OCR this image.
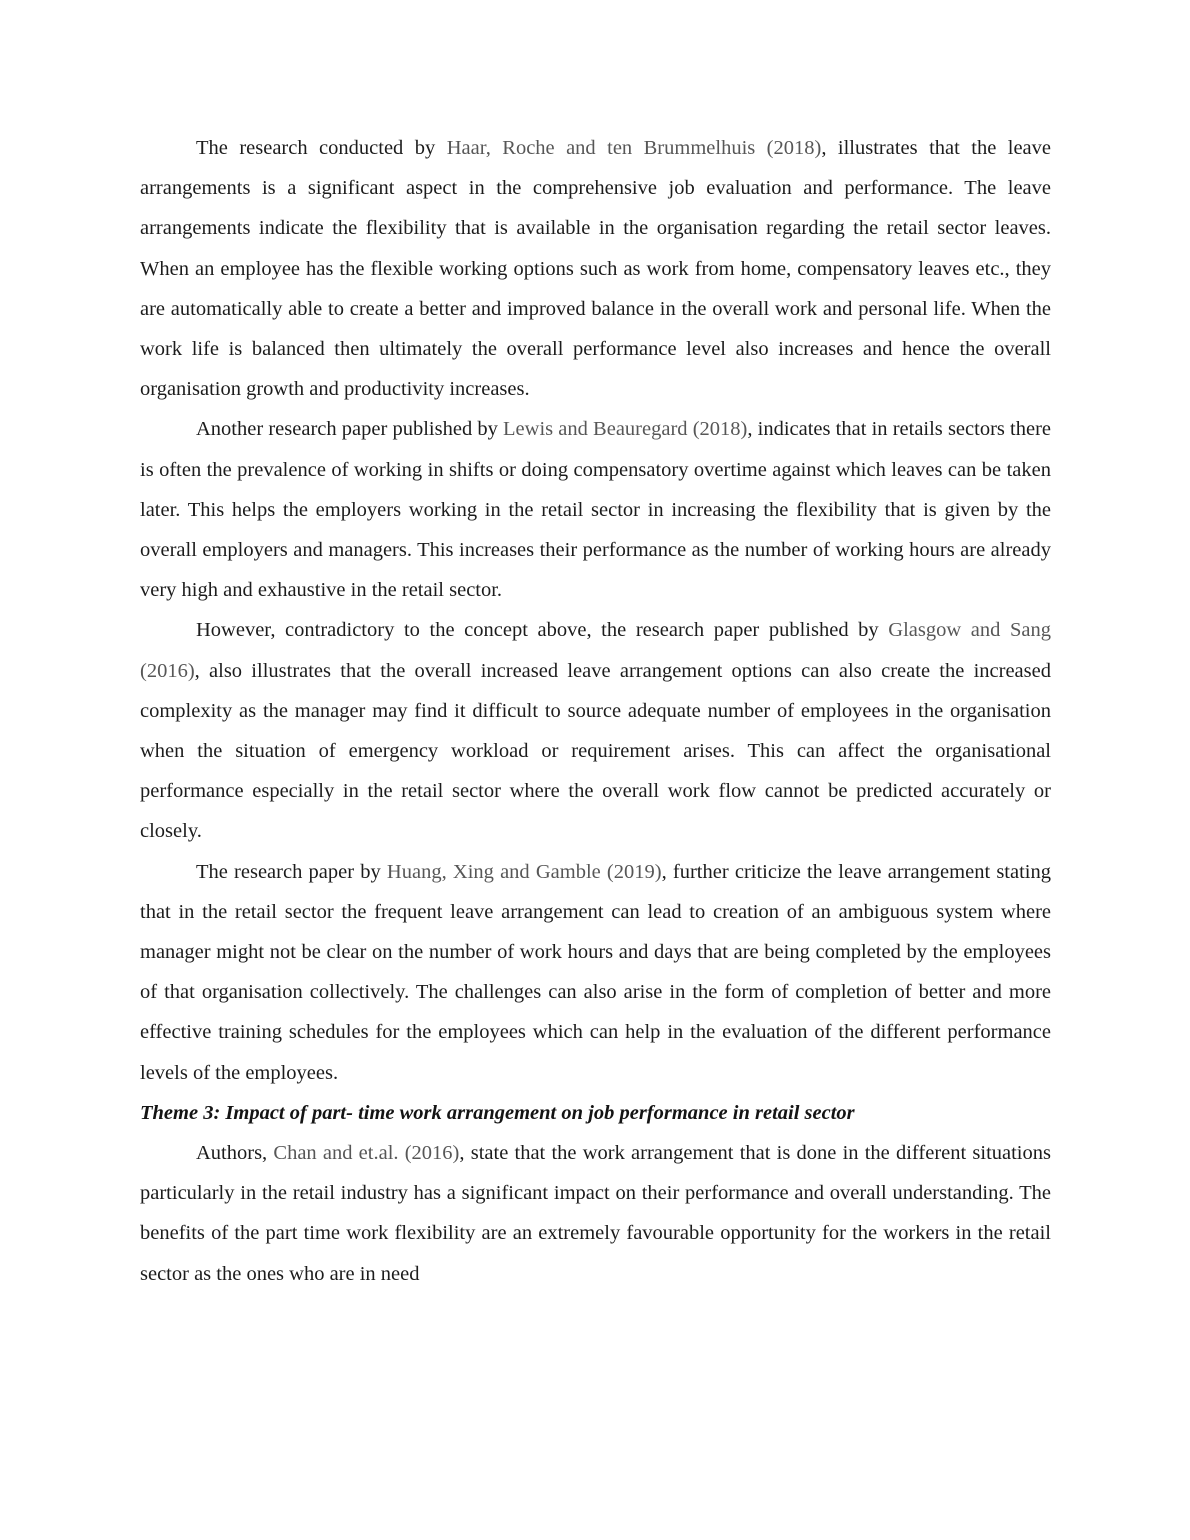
The research conducted by Haar, Roche and ten Brummelhuis (2018), illustrates that the leave arrangements is a significant aspect in the comprehensive job evaluation and performance. The leave arrangements indicate the flexibility that is available in the organisation regarding the retail sector leaves. When an employee has the flexible working options such as work from home, compensatory leaves etc., they are automatically able to create a better and improved balance in the overall work and personal life. When the work life is balanced then ultimately the overall performance level also increases and hence the overall organisation growth and productivity increases.

Another research paper published by Lewis and Beauregard (2018), indicates that in retails sectors there is often the prevalence of working in shifts or doing compensatory overtime against which leaves can be taken later. This helps the employers working in the retail sector in increasing the flexibility that is given by the overall employers and managers. This increases their performance as the number of working hours are already very high and exhaustive in the retail sector.

However, contradictory to the concept above, the research paper published by Glasgow and Sang (2016), also illustrates that the overall increased leave arrangement options can also create the increased complexity as the manager may find it difficult to source adequate number of employees in the organisation when the situation of emergency workload or requirement arises. This can affect the organisational performance especially in the retail sector where the overall work flow cannot be predicted accurately or closely.

The research paper by Huang, Xing and Gamble (2019), further criticize the leave arrangement stating that in the retail sector the frequent leave arrangement can lead to creation of an ambiguous system where manager might not be clear on the number of work hours and days that are being completed by the employees of that organisation collectively. The challenges can also arise in the form of completion of better and more effective training schedules for the employees which can help in the evaluation of the different performance levels of the employees.

Theme 3: Impact of part- time work arrangement on job performance in retail sector

Authors, Chan and et.al. (2016), state that the work arrangement that is done in the different situations particularly in the retail industry has a significant impact on their performance and overall understanding. The benefits of the part time work flexibility are an extremely favourable opportunity for the workers in the retail sector as the ones who are in need
